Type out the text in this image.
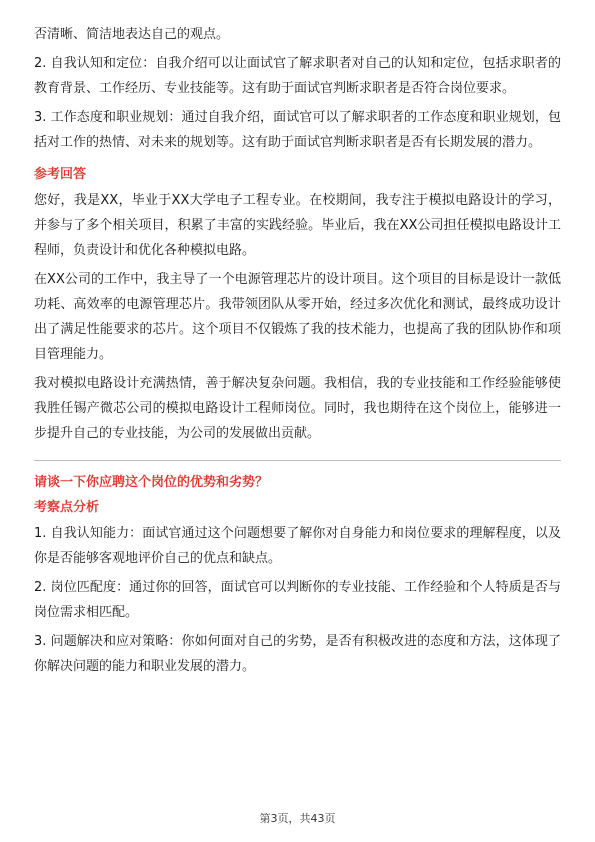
否清晰、简洁地表达自己的观点。

2. 自我认知和定位：自我介绍可以让面试官了解求职者对自己的认知和定位，包括求职者的教育背景、工作经历、专业技能等。这有助于面试官判断求职者是否符合岗位要求。

3. 工作态度和职业规划：通过自我介绍，面试官可以了解求职者的工作态度和职业规划，包括对工作的热情、对未来的规划等。这有助于面试官判断求职者是否有长期发展的潜力。

参考回答

您好，我是XX，毕业于XX大学电子工程专业。在校期间，我专注于模拟电路设计的学习，并参与了多个相关项目，积累了丰富的实践经验。毕业后，我在XX公司担任模拟电路设计工程师，负责设计和优化各种模拟电路。

在XX公司的工作中，我主导了一个电源管理芯片的设计项目。这个项目的目标是设计一款低功耗、高效率的电源管理芯片。我带领团队从零开始，经过多次优化和测试，最终成功设计出了满足性能要求的芯片。这个项目不仅锻炼了我的技术能力，也提高了我的团队协作和项目管理能力。

我对模拟电路设计充满热情，善于解决复杂问题。我相信，我的专业技能和工作经验能够使我胜任锡产微芯公司的模拟电路设计工程师岗位。同时，我也期待在这个岗位上，能够进一步提升自己的专业技能，为公司的发展做出贡献。

请谈一下你应聘这个岗位的优势和劣势？
考察点分析

1. 自我认知能力：面试官通过这个问题想要了解你对自身能力和岗位要求的理解程度，以及你是否能够客观地评价自己的优点和缺点。

2. 岗位匹配度：通过你的回答，面试官可以判断你的专业技能、工作经验和个人特质是否与岗位需求相匹配。

3. 问题解决和应对策略：你如何面对自己的劣势，是否有积极改进的态度和方法，这体现了你解决问题的能力和职业发展的潜力。

第3页，共43页
